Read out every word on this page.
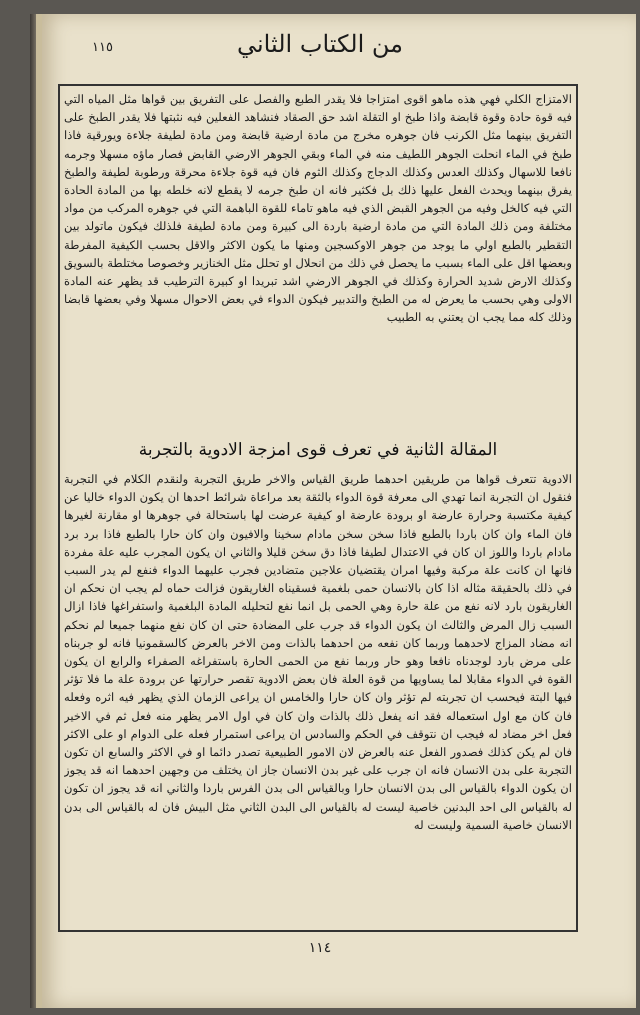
١١٥	من الكتاب الثاني
الامتزاج الكلي فهي هذه ماهو اقوى امتزاجا فلا يقدر الطبع والفصل على التفريق بين قواها مثل المياه التي فيه قوة حادة وقوة قابضة واذا طبخ او التقلة اشد حق الصقاد فنشاهد الفعلين فيه نثبتها فلا يقدر الطبخ على التفريق بينهما مثل الكرنب فان جوهره مخرج من مادة ارضية قابضة ومن مادة لطيفة جلاءة ويورقية فاذا طبخ في الماء انحلت الجوهر اللطيف منه في الماء وبقي الجوهر الارضي القابض فصار ماؤه مسهلا وجرمه نافعا للاسهال وكذلك العدس وكذلك الدجاج وكذلك الثوم فان فيه قوة جلاءة محرقة ورطوبة لطيفة والطبخ يفرق بينهما ويحدث الفعل عليها ذلك بل فكثير فانه ان طبخ جرمه لا يقطع لانه خلطه بها من المادة الحادة التي فيه كالخل وفيه من الجوهر القبض الذي فيه ماهو تاماء للقوة الباهمة التي في جوهره المركب من مواد مختلفة ومن ذلك المادة التي من مادة ارضية باردة الى كبيرة ومن مادة لطيفة فلذلك فيكون ماتولد بين التقطير بالطبع اولي ما يوجد من جوهر الاوكسجين ومنها ما يكون الاكثر والاقل بحسب الكيفية المفرطة وبعضها اقل على الماء بسبب ما يحصل في ذلك من انحلال او تحلل مثل الخنازير وخصوصا مختلطة بالسويق وكذلك الارض شديد الحرارة وكذلك في الجوهر الارضي اشد تبريدا او كبيرة الترطيب قد يظهر عنه المادة الاولى وهي بحسب ما يعرض له من الطبخ والتدبير فيكون الدواء في بعض الاحوال مسهلا وفي بعضها قابضا وذلك كله مما يجب ان يعتني به الطبيب
المقالة الثانية في تعرف قوى امزجة الادوية بالتجربة
الادوية تتعرف قواها من طريقين احدهما طريق القياس والاخر طريق التجربة ولنقدم الكلام في التجربة فنقول ان التجربة انما تهدي الى معرفة قوة الدواء بالثقة بعد مراعاة شرائط احدها ان يكون الدواء خاليا عن كيفية مكتسبة وحرارة عارضة او برودة عارضة او كيفية عرضت لها باستحالة في جوهرها او مقارنة لغيرها فان الماء وان كان باردا بالطبع فاذا سخن سخن مادام سخينا والافيون وان كان حارا بالطبع فاذا برد برد مادام باردا واللوز ان كان في الاعتدال لطيفا فاذا دق سخن قليلا والثاني ان يكون المجرب عليه علة مفردة فانها ان كانت علة مركبة وفيها امران يقتضيان علاجين متضادين فجرب عليهما الدواء فنفع لم يدر السبب في ذلك بالحقيقة مثاله اذا كان بالانسان حمى بلغمية فسقيناه الغاريقون فزالت حماه لم يجب ان نحكم ان الغاريقون بارد لانه نفع من علة حارة وهي الحمى بل انما نفع لتحليله المادة البلغمية واستفراغها فاذا ازال السبب زال المرض والثالث ان يكون الدواء قد جرب على المضادة حتى ان كان نفع منهما جميعا لم نحكم انه مضاد المزاج لاحدهما وربما كان نفعه من احدهما بالذات ومن الاخر بالعرض كالسقمونيا فانه لو جربناه على مرض بارد لوجدناه نافعا وهو حار وربما نفع من الحمى الحارة باستفراغه الصفراء والرابع ان يكون القوة في الدواء مقابلا لما يساويها من قوة العلة فان بعض الادوية تقصر حرارتها عن برودة علة ما فلا تؤثر فيها البتة فيحسب ان تجربته لم تؤثر وان كان حارا والخامس ان يراعى الزمان الذي يظهر فيه اثره وفعله فان كان مع اول استعماله فقد انه يفعل ذلك بالذات وان كان في اول الامر يظهر منه فعل ثم في الاخير فعل اخر مضاد له فيجب ان نتوقف في الحكم والسادس ان يراعى استمرار فعله على الدوام او على الاكثر فان لم يكن كذلك فصدور الفعل عنه بالعرض لان الامور الطبيعية تصدر دائما او في الاكثر والسابع ان تكون التجربة على بدن الانسان فانه ان جرب على غير بدن الانسان جاز ان يختلف من وجهين احدهما انه قد يجوز ان يكون الدواء بالقياس الى بدن الانسان حارا وبالقياس الى بدن الفرس باردا والثاني انه قد يجوز ان تكون له بالقياس الى احد البدنين خاصية ليست له بالقياس الى البدن الثاني مثل البيش فان له بالقياس الى بدن الانسان خاصية السمية وليست له
١١٤
